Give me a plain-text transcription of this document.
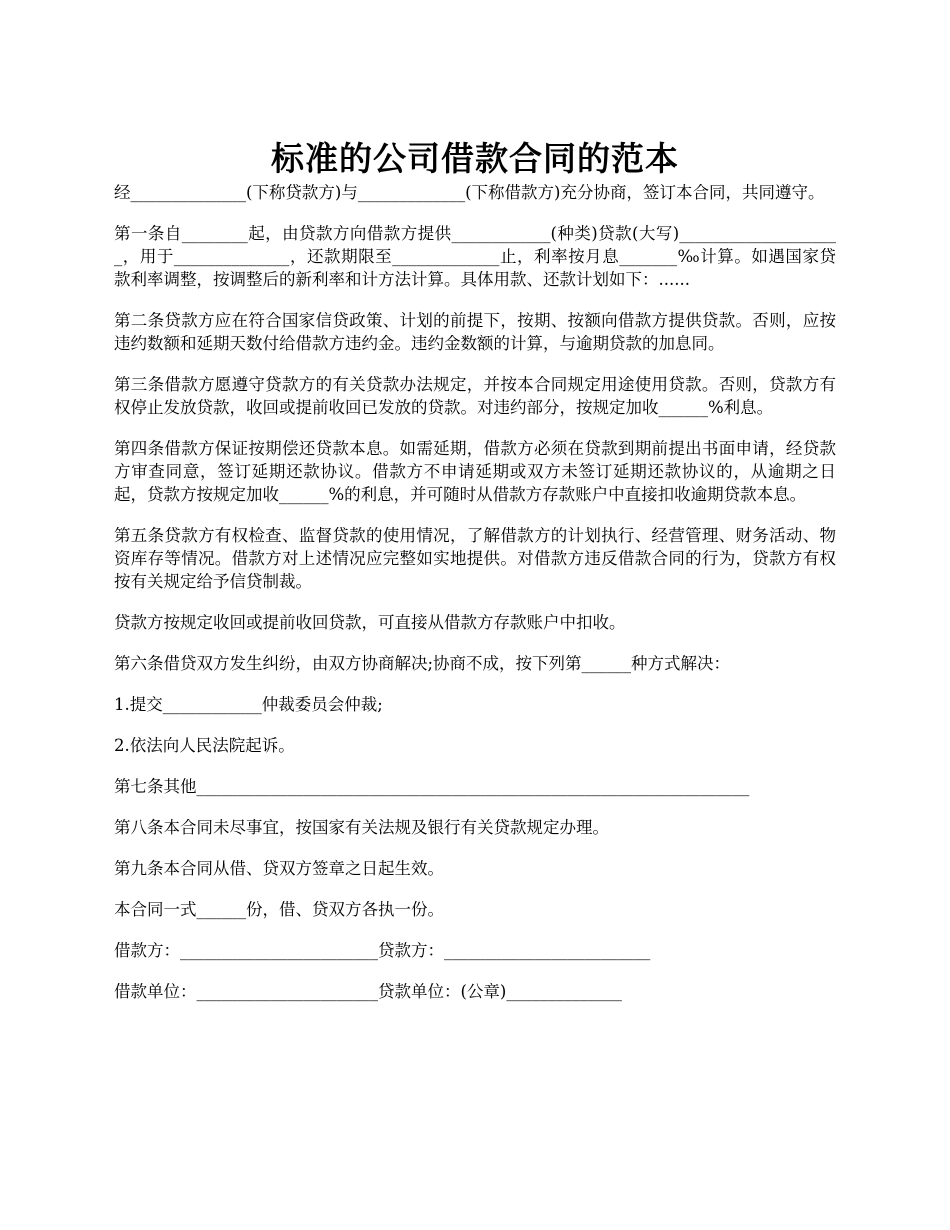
标准的公司借款合同的范本

经______________(下称贷款方)与_____________(下称借款方)充分协商，签订本合同，共同遵守。

第一条自________起，由贷款方向借款方提供____________(种类)贷款(大写)____________________，用于______________，还款期限至_____________止，利率按月息_______‰计算。如遇国家贷款利率调整，按调整后的新利率和计方法计算。具体用款、还款计划如下：......

第二条贷款方应在符合国家信贷政策、计划的前提下，按期、按额向借款方提供贷款。否则，应按违约数额和延期天数付给借款方违约金。违约金数额的计算，与逾期贷款的加息同。

第三条借款方愿遵守贷款方的有关贷款办法规定，并按本合同规定用途使用贷款。否则，贷款方有权停止发放贷款，收回或提前收回已发放的贷款。对违约部分，按规定加收______%利息。

第四条借款方保证按期偿还贷款本息。如需延期，借款方必须在贷款到期前提出书面申请，经贷款方审查同意，签订延期还款协议。借款方不申请延期或双方未签订延期还款协议的，从逾期之日起，贷款方按规定加收______%的利息，并可随时从借款方存款账户中直接扣收逾期贷款本息。

第五条贷款方有权检查、监督贷款的使用情况，了解借款方的计划执行、经营管理、财务活动、物资库存等情况。借款方对上述情况应完整如实地提供。对借款方违反借款合同的行为，贷款方有权按有关规定给予信贷制裁。

贷款方按规定收回或提前收回贷款，可直接从借款方存款账户中扣收。

第六条借贷双方发生纠纷，由双方协商解决;协商不成，按下列第______种方式解决：

1.提交____________仲裁委员会仲裁;

2.依法向人民法院起诉。

第七条其他___________________________________________________________________

第八条本合同未尽事宜，按国家有关法规及银行有关贷款规定办理。

第九条本合同从借、贷双方签章之日起生效。

本合同一式______份，借、贷双方各执一份。

借款方：________________________贷款方：_________________________

借款单位：______________________贷款单位：(公章)______________
